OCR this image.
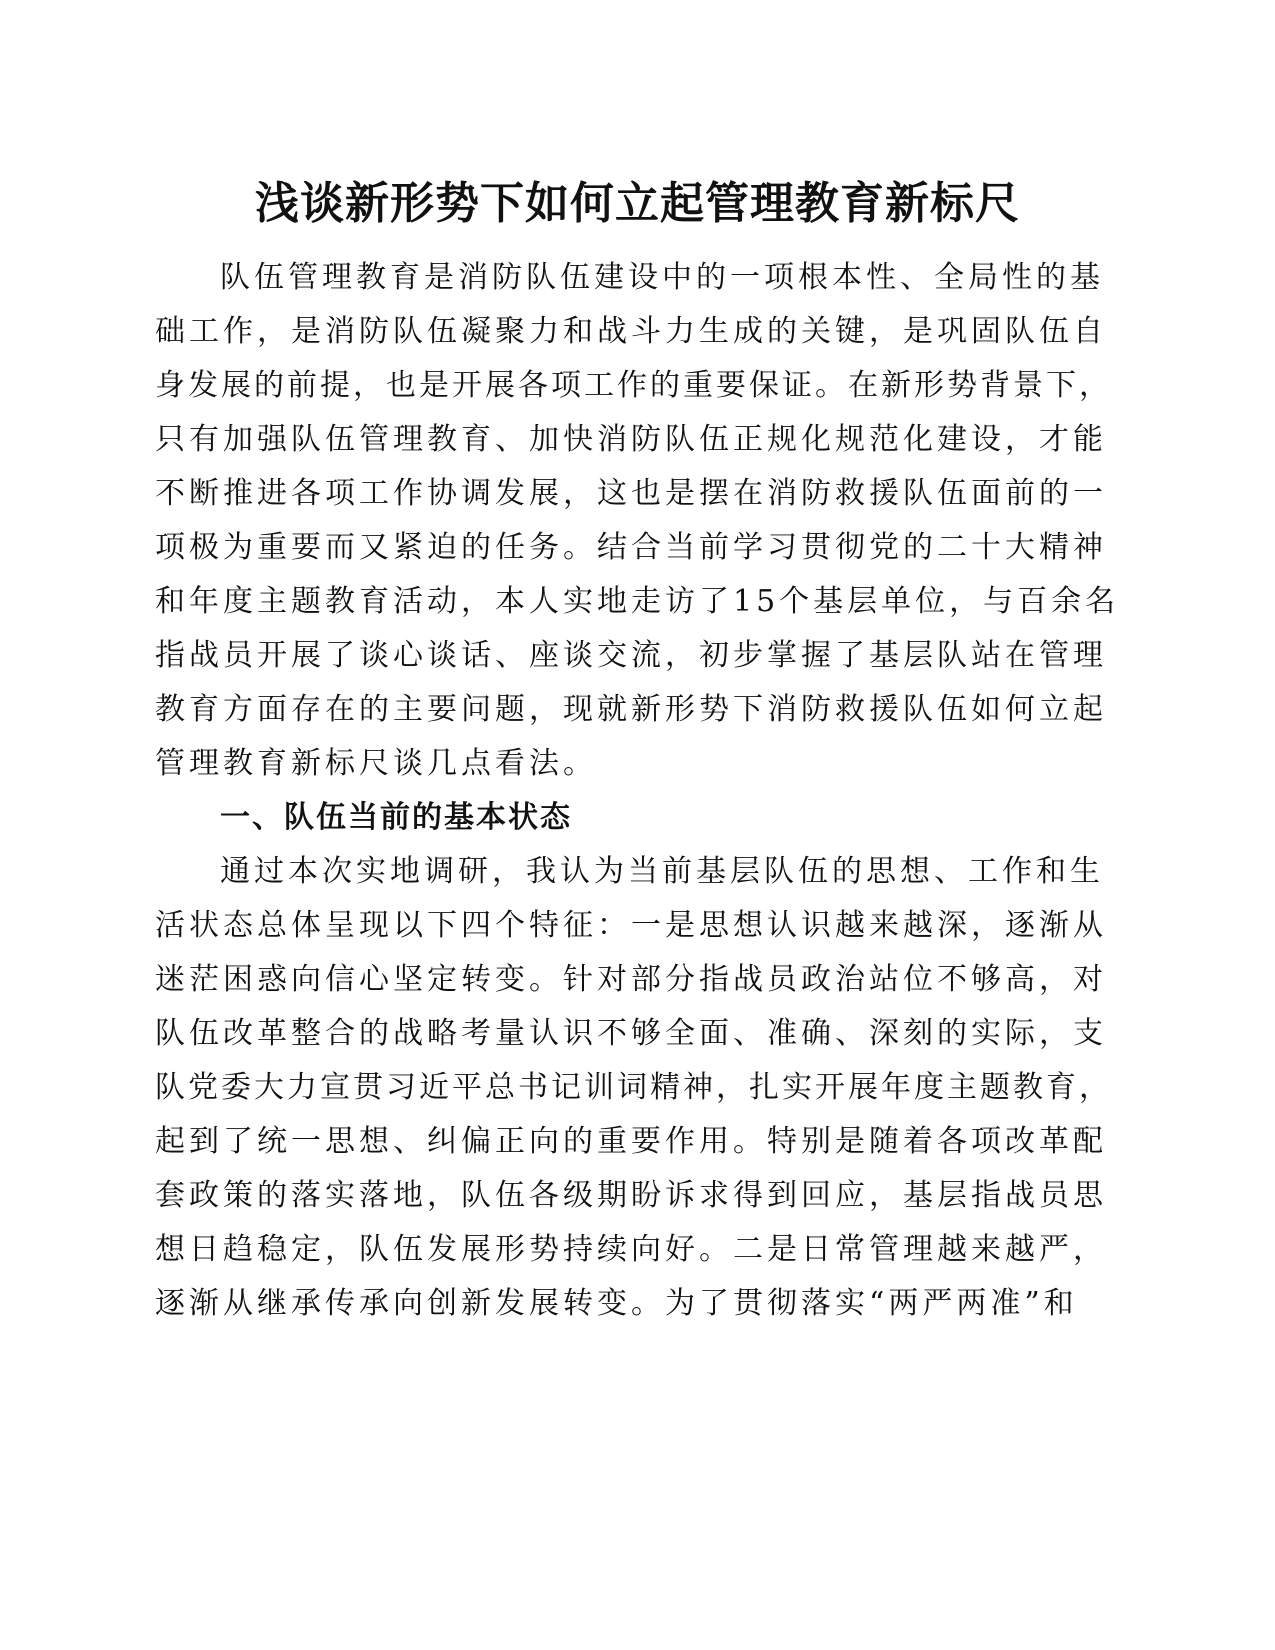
浅谈新形势下如何立起管理教育新标尺
队伍管理教育是消防队伍建设中的一项根本性、全局性的基
础工作，是消防队伍凝聚力和战斗力生成的关键，是巩固队伍自
身发展的前提，也是开展各项工作的重要保证。在新形势背景下，
只有加强队伍管理教育、加快消防队伍正规化规范化建设，才能
不断推进各项工作协调发展，这也是摆在消防救援队伍面前的一
项极为重要而又紧迫的任务。结合当前学习贯彻党的二十大精神
和年度主题教育活动，本人实地走访了15个基层单位，与百余名
指战员开展了谈心谈话、座谈交流，初步掌握了基层队站在管理
教育方面存在的主要问题，现就新形势下消防救援队伍如何立起
管理教育新标尺谈几点看法。
一、队伍当前的基本状态
通过本次实地调研，我认为当前基层队伍的思想、工作和生
活状态总体呈现以下四个特征：一是思想认识越来越深，逐渐从
迷茫困惑向信心坚定转变。针对部分指战员政治站位不够高，对
队伍改革整合的战略考量认识不够全面、准确、深刻的实际，支
队党委大力宣贯习近平总书记训词精神，扎实开展年度主题教育，
起到了统一思想、纠偏正向的重要作用。特别是随着各项改革配
套政策的落实落地，队伍各级期盼诉求得到回应，基层指战员思
想日趋稳定，队伍发展形势持续向好。二是日常管理越来越严，
逐渐从继承传承向创新发展转变。为了贯彻落实“两严两准”和
